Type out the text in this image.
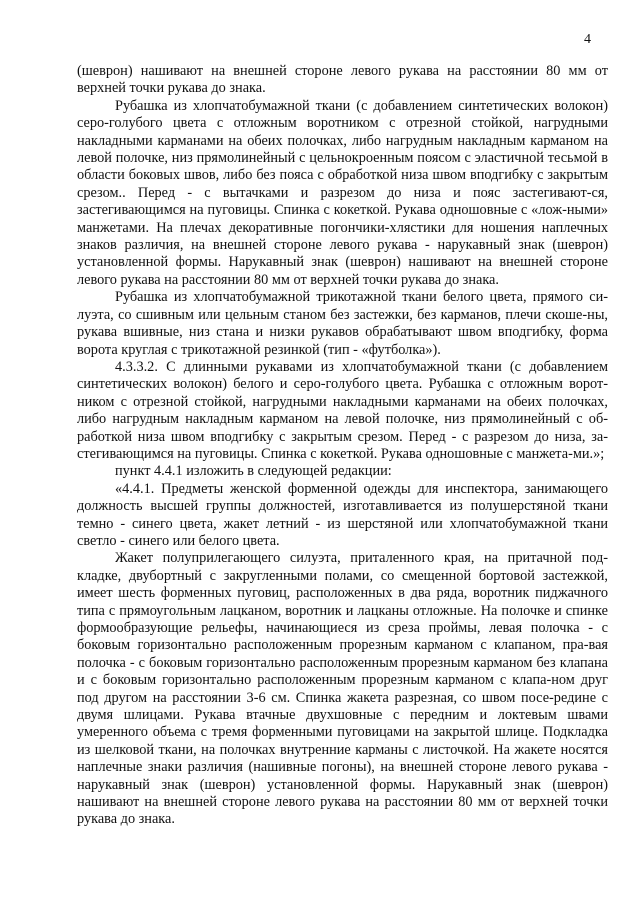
4

(шеврон) нашивают на внешней стороне левого рукава на расстоянии 80 мм от верхней точки рукава до знака.

Рубашка из хлопчатобумажной ткани (с добавлением синтетических волокон) серо-голубого цвета с отложным воротником с отрезной стойкой, нагрудными накладными карманами на обеих полочках, либо нагрудным накладным карманом на левой полочке, низ прямолинейный с цельнокроенным поясом с эластичной тесьмой в области боковых швов, либо без пояса с обработкой низа швом вподгибку с закрытым срезом.. Перед - с вытачками и разрезом до низа и пояс застегивают-ся, застегивающимся на пуговицы. Спинка с кокеткой. Рукава одношовные с «лож-ными» манжетами. На плечах декоративные погончики-хлястики для ношения наплечных знаков различия, на внешней стороне левого рукава - нарукавный знак (шеврон) установленной формы. Нарукавный знак (шеврон) нашивают на внешней стороне левого рукава на расстоянии 80 мм от верхней точки рукава до знака.

Рубашка из хлопчатобумажной трикотажной ткани белого цвета, прямого си-луэта, со сшивным или цельным станом без застежки, без карманов, плечи скоше-ны, рукава вшивные, низ стана и низки рукавов обрабатывают швом вподгибку, форма ворота круглая с трикотажной резинкой (тип - «футболка»).

4.3.3.2. С длинными рукавами из хлопчатобумажной ткани (с добавлением синтетических волокон) белого и серо-голубого цвета. Рубашка с отложным ворот-ником с отрезной стойкой, нагрудными накладными карманами на обеих полочках, либо нагрудным накладным карманом на левой полочке, низ прямолинейный с об-работкой низа швом вподгибку с закрытым срезом. Перед - с разрезом до низа, за-стегивающимся на пуговицы. Спинка с кокеткой. Рукава одношовные с манжета-ми.»;

пункт 4.4.1 изложить в следующей редакции:

«4.4.1. Предметы женской форменной одежды для инспектора, занимающего должность высшей группы должностей, изготавливается из полушерстяной ткани темно - синего цвета, жакет летний - из шерстяной или хлопчатобумажной ткани светло - синего или белого цвета.

Жакет полуприлегающего силуэта, приталенного края, на притачной под-кладке, двубортный с закругленными полами, со смещенной бортовой застежкой, имеет шесть форменных пуговиц, расположенных в два ряда, воротник пиджачного типа с прямоугольным лацканом, воротник и лацканы отложные. На полочке и спинке формообразующие рельефы, начинающиеся из среза проймы, левая полочка - с боковым горизонтально расположенным прорезным карманом с клапаном, пра-вая полочка - с боковым горизонтально расположенным прорезным карманом без клапана и с боковым горизонтально расположенным прорезным карманом с клапа-ном друг под другом на расстоянии 3-6 см. Спинка жакета разрезная, со швом посе-редине с двумя шлицами. Рукава втачные двухшовные с передним и локтевым швами умеренного объема с тремя форменными пуговицами на закрытой шлице. Подкладка из шелковой ткани, на полочках внутренние карманы с листочкой. На жакете носятся наплечные знаки различия (нашивные погоны), на внешней стороне левого рукава - нарукавный знак (шеврон) установленной формы. Нарукавный знак (шеврон) нашивают на внешней стороне левого рукава на расстоянии 80 мм от верхней точки рукава до знака.
